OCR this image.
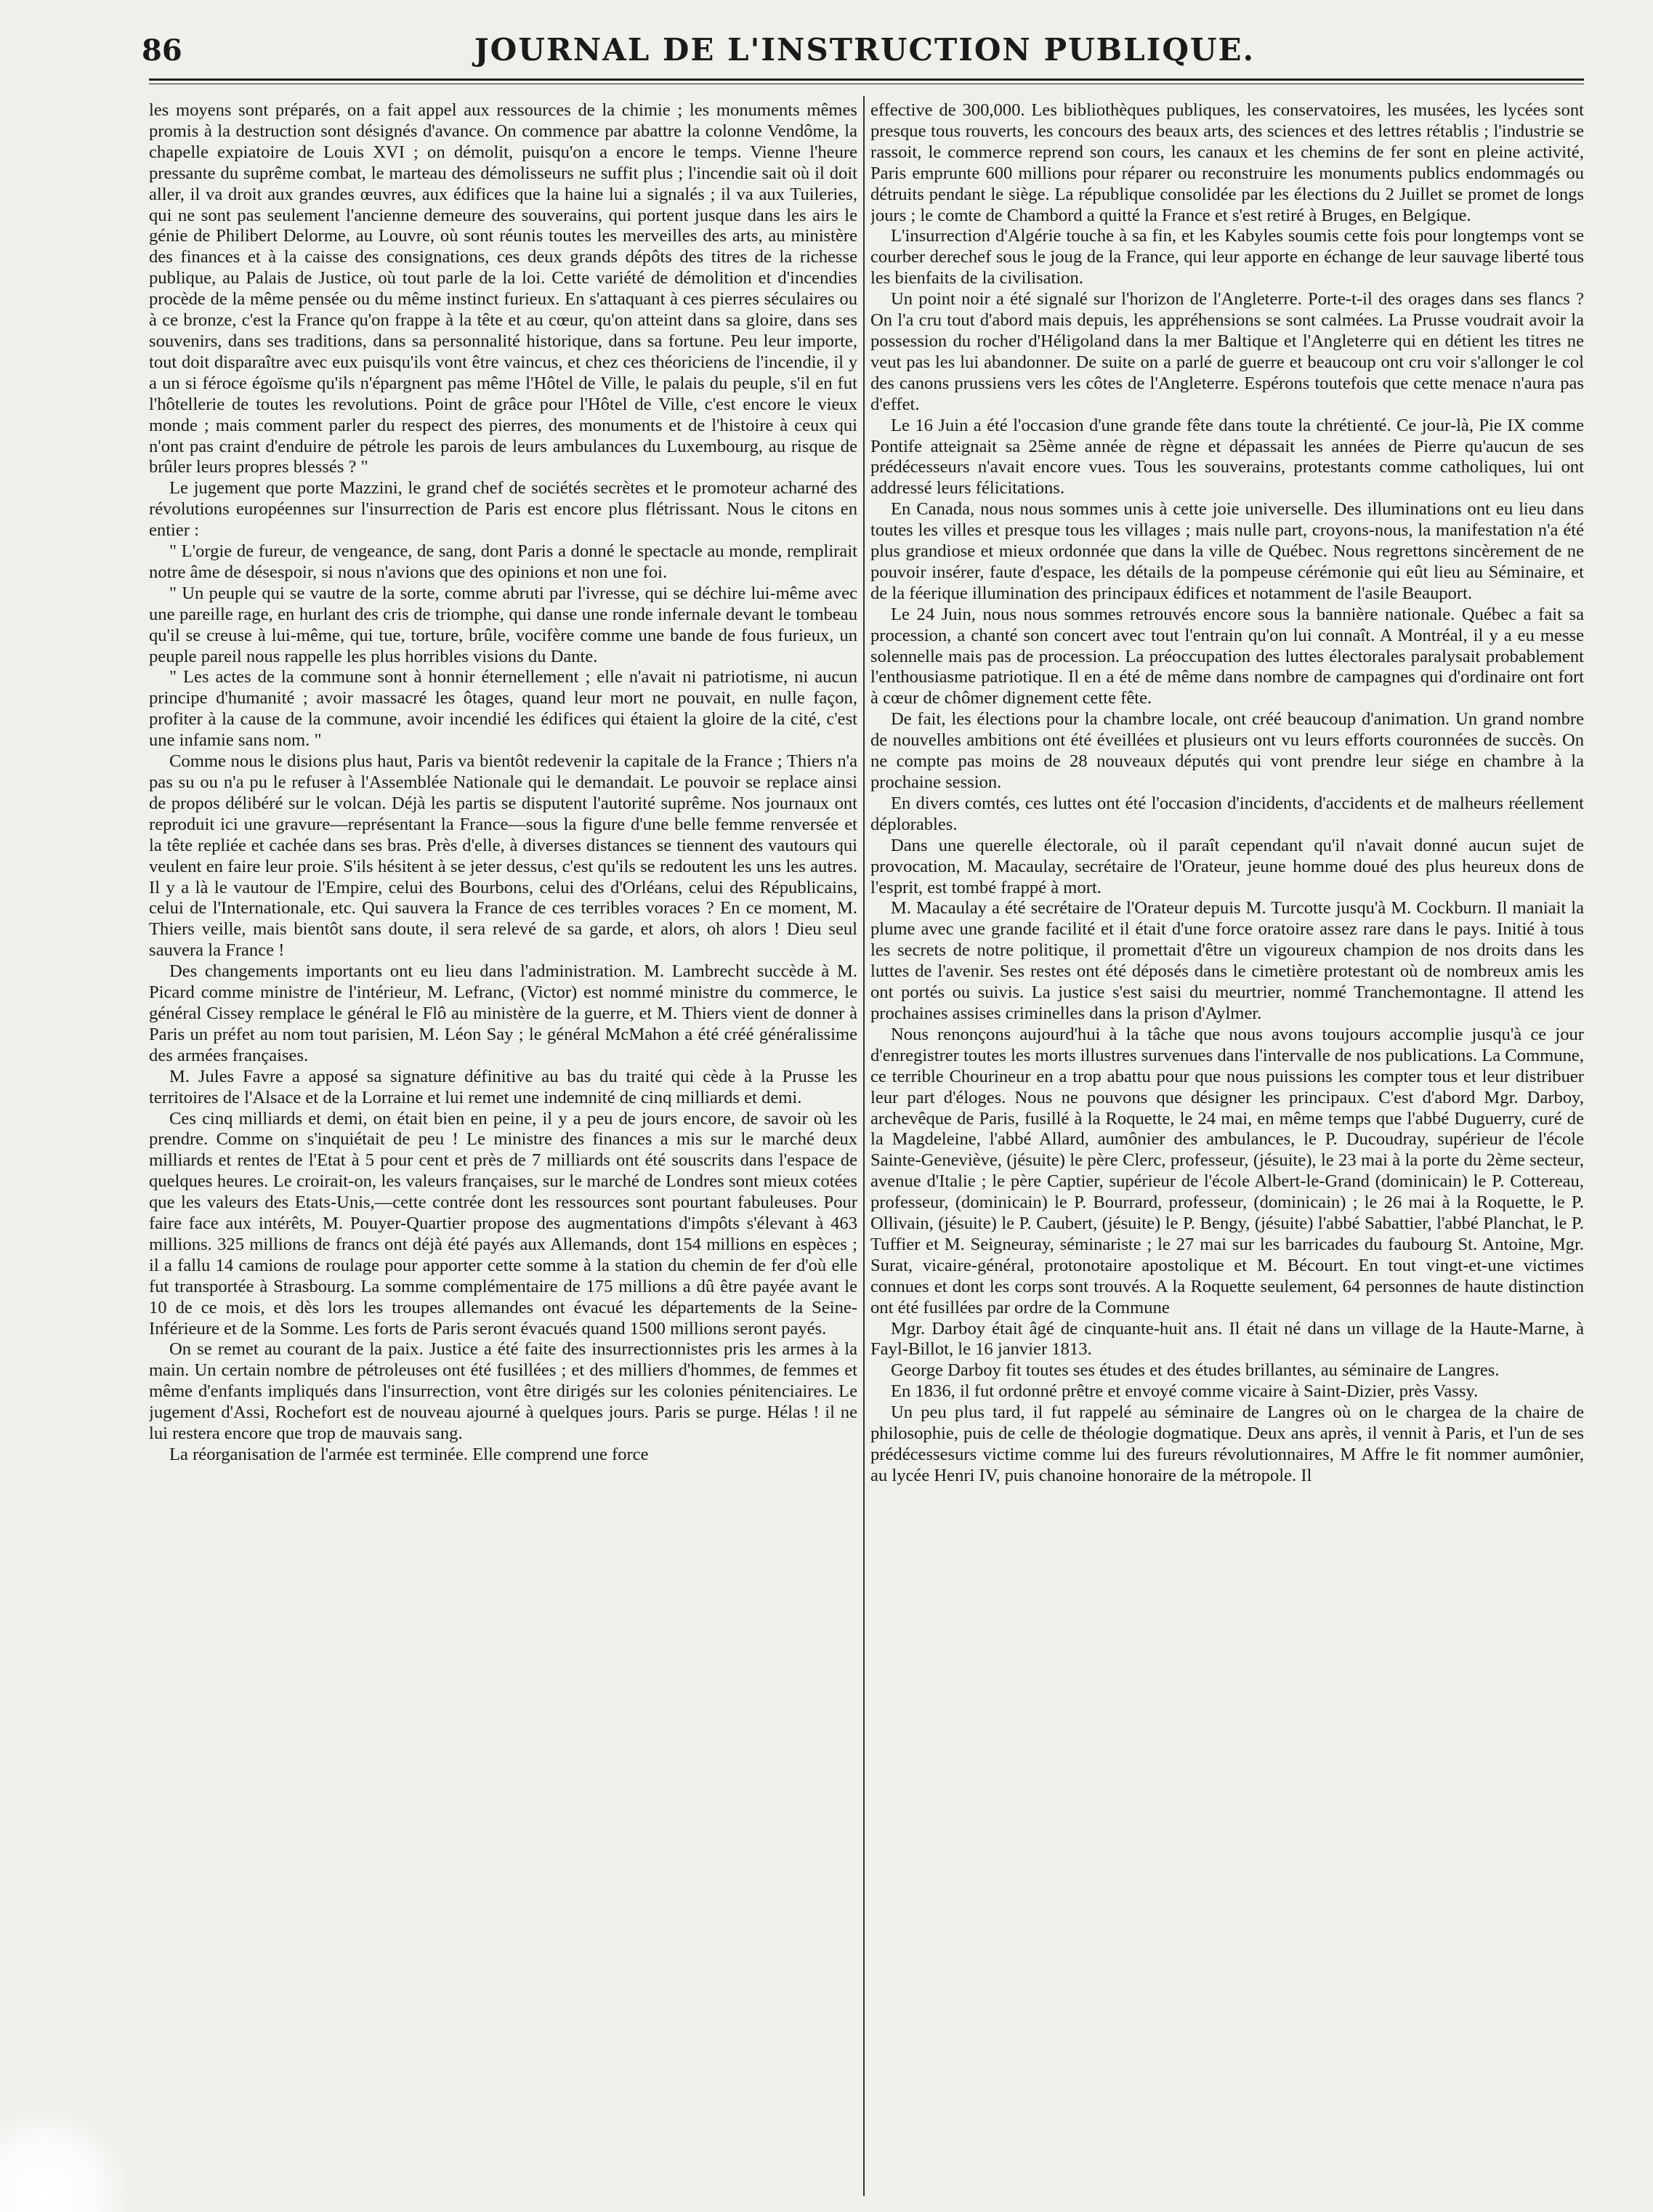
86	JOURNAL DE L'INSTRUCTION PUBLIQUE.

les moyens sont préparés, on a fait appel aux ressources de la chimie ; les monuments mêmes promis à la destruction sont désignés d'avance. On commence par abattre la colonne Vendôme, la chapelle expiatoire de Louis XVI ; on démolit, puisqu'on a encore le temps. Vienne l'heure pressante du suprême combat, le marteau des démolisseurs ne suffit plus ; l'incendie sait où il doit aller, il va droit aux grandes œuvres, aux édifices que la haine lui a signalés ; il va aux Tuileries, qui ne sont pas seulement l'ancienne demeure des souverains, qui portent jusque dans les airs le génie de Philibert Delorme, au Louvre, où sont réunis toutes les merveilles des arts, au ministère des finances et à la caisse des consignations, ces deux grands dépôts des titres de la richesse publique, au Palais de Justice, où tout parle de la loi. Cette variété de démolition et d'incendies procède de la même pensée ou du même instinct furieux. En s'attaquant à ces pierres séculaires ou à ce bronze, c'est la France qu'on frappe à la tête et au cœur, qu'on atteint dans sa gloire, dans ses souvenirs, dans ses traditions, dans sa personnalité historique, dans sa fortune. Peu leur importe, tout doit disparaître avec eux puisqu'ils vont être vaincus, et chez ces théoriciens de l'incendie, il y a un si féroce égoïsme qu'ils n'épargnent pas même l'Hôtel de Ville, le palais du peuple, s'il en fut l'hôtellerie de toutes les revolutions. Point de grâce pour l'Hôtel de Ville, c'est encore le vieux monde ; mais comment parler du respect des pierres, des monuments et de l'histoire à ceux qui n'ont pas craint d'enduire de pétrole les parois de leurs ambulances du Luxembourg, au risque de brûler leurs propres blessés ? "

Le jugement que porte Mazzini, le grand chef de sociétés secrètes et le promoteur acharné des révolutions européennes sur l'insurrection de Paris est encore plus flétrissant. Nous le citons en entier :

" L'orgie de fureur, de vengeance, de sang, dont Paris a donné le spectacle au monde, remplirait notre âme de désespoir, si nous n'avions que des opinions et non une foi.

" Un peuple qui se vautre de la sorte, comme abruti par l'ivresse, qui se déchire lui-même avec une pareille rage, en hurlant des cris de triomphe, qui danse une ronde infernale devant le tombeau qu'il se creuse à lui-même, qui tue, torture, brûle, vocifère comme une bande de fous furieux, un peuple pareil nous rappelle les plus horribles visions du Dante.

" Les actes de la commune sont à honnir éternellement ; elle n'avait ni patriotisme, ni aucun principe d'humanité ; avoir massacré les ôtages, quand leur mort ne pouvait, en nulle façon, profiter à la cause de la commune, avoir incendié les édifices qui étaient la gloire de la cité, c'est une infamie sans nom. "

Comme nous le disions plus haut, Paris va bientôt redevenir la capitale de la France ; Thiers n'a pas su ou n'a pu le refuser à l'Assemblée Nationale qui le demandait. Le pouvoir se replace ainsi de propos délibéré sur le volcan. Déjà les partis se disputent l'autorité suprême. Nos journaux ont reproduit ici une gravure—représentant la France—sous la figure d'une belle femme renversée et la tête repliée et cachée dans ses bras. Près d'elle, à diverses distances se tiennent des vautours qui veulent en faire leur proie. S'ils hésitent à se jeter dessus, c'est qu'ils se redoutent les uns les autres. Il y a là le vautour de l'Empire, celui des Bourbons, celui des d'Orléans, celui des Républicains, celui de l'Internationale, etc. Qui sauvera la France de ces terribles voraces ? En ce moment, M. Thiers veille, mais bientôt sans doute, il sera relevé de sa garde, et alors, oh alors ! Dieu seul sauvera la France !

Des changements importants ont eu lieu dans l'administration. M. Lambrecht succède à M. Picard comme ministre de l'intérieur, M. Lefranc, (Victor) est nommé ministre du commerce, le général Cissey remplace le général le Flô au ministère de la guerre, et M. Thiers vient de donner à Paris un préfet au nom tout parisien, M. Léon Say ; le général McMahon a été créé généralissime des armées françaises.

M. Jules Favre a apposé sa signature définitive au bas du traité qui cède à la Prusse les territoires de l'Alsace et de la Lorraine et lui remet une indemnité de cinq milliards et demi.

Ces cinq milliards et demi, on était bien en peine, il y a peu de jours encore, de savoir où les prendre. Comme on s'inquiétait de peu ! Le ministre des finances a mis sur le marché deux milliards et rentes de l'Etat à 5 pour cent et près de 7 milliards ont été souscrits dans l'espace de quelques heures. Le croirait-on, les valeurs françaises, sur le marché de Londres sont mieux cotées que les valeurs des Etats-Unis,—cette contrée dont les ressources sont pourtant fabuleuses. Pour faire face aux intérêts, M. Pouyer-Quartier propose des augmentations d'impôts s'élevant à 463 millions. 325 millions de francs ont déjà été payés aux Allemands, dont 154 millions en espèces ; il a fallu 14 camions de roulage pour apporter cette somme à la station du chemin de fer d'où elle fut transportée à Strasbourg. La somme complémentaire de 175 millions a dû être payée avant le 10 de ce mois, et dès lors les troupes allemandes ont évacué les départements de la Seine-Inférieure et de la Somme. Les forts de Paris seront évacués quand 1500 millions seront payés.

On se remet au courant de la paix. Justice a été faite des insurrectionnistes pris les armes à la main. Un certain nombre de pétroleuses ont été fusillées ; et des milliers d'hommes, de femmes et même d'enfants impliqués dans l'insurrection, vont être dirigés sur les colonies pénitenciaires. Le jugement d'Assi, Rochefort est de nouveau ajourné à quelques jours. Paris se purge. Hélas ! il ne lui restera encore que trop de mauvais sang.

La réorganisation de l'armée est terminée. Elle comprend une force

effective de 300,000. Les bibliothèques publiques, les conservatoires, les musées, les lycées sont presque tous rouverts, les concours des beaux arts, des sciences et des lettres rétablis ; l'industrie se rassoit, le commerce reprend son cours, les canaux et les chemins de fer sont en pleine activité, Paris emprunte 600 millions pour réparer ou reconstruire les monuments publics endommagés ou détruits pendant le siège. La république consolidée par les élections du 2 Juillet se promet de longs jours ; le comte de Chambord a quitté la France et s'est retiré à Bruges, en Belgique.

L'insurrection d'Algérie touche à sa fin, et les Kabyles soumis cette fois pour longtemps vont se courber derechef sous le joug de la France, qui leur apporte en échange de leur sauvage liberté tous les bienfaits de la civilisation.

Un point noir a été signalé sur l'horizon de l'Angleterre. Porte-t-il des orages dans ses flancs ? On l'a cru tout d'abord mais depuis, les appréhensions se sont calmées. La Prusse voudrait avoir la possession du rocher d'Héligoland dans la mer Baltique et l'Angleterre qui en détient les titres ne veut pas les lui abandonner. De suite on a parlé de guerre et beaucoup ont cru voir s'allonger le col des canons prussiens vers les côtes de l'Angleterre. Espérons toutefois que cette menace n'aura pas d'effet.

Le 16 Juin a été l'occasion d'une grande fête dans toute la chrétienté. Ce jour-là, Pie IX comme Pontife atteignait sa 25ème année de règne et dépassait les années de Pierre qu'aucun de ses prédécesseurs n'avait encore vues. Tous les souverains, protestants comme catholiques, lui ont addressé leurs félicitations.

En Canada, nous nous sommes unis à cette joie universelle. Des illuminations ont eu lieu dans toutes les villes et presque tous les villages ; mais nulle part, croyons-nous, la manifestation n'a été plus grandiose et mieux ordonnée que dans la ville de Québec. Nous regrettons sincèrement de ne pouvoir insérer, faute d'espace, les détails de la pompeuse cérémonie qui eût lieu au Séminaire, et de la féerique illumination des principaux édifices et notamment de l'asile Beauport.

Le 24 Juin, nous nous sommes retrouvés encore sous la bannière nationale. Québec a fait sa procession, a chanté son concert avec tout l'entrain qu'on lui connaît. A Montréal, il y a eu messe solennelle mais pas de procession. La préoccupation des luttes électorales paralysait probablement l'enthousiasme patriotique. Il en a été de même dans nombre de campagnes qui d'ordinaire ont fort à cœur de chômer dignement cette fête.

De fait, les élections pour la chambre locale, ont créé beaucoup d'animation. Un grand nombre de nouvelles ambitions ont été éveillées et plusieurs ont vu leurs efforts couronnées de succès. On ne compte pas moins de 28 nouveaux députés qui vont prendre leur siége en chambre à la prochaine session.

En divers comtés, ces luttes ont été l'occasion d'incidents, d'accidents et de malheurs réellement déplorables.

Dans une querelle électorale, où il paraît cependant qu'il n'avait donné aucun sujet de provocation, M. Macaulay, secrétaire de l'Orateur, jeune homme doué des plus heureux dons de l'esprit, est tombé frappé à mort.

M. Macaulay a été secrétaire de l'Orateur depuis M. Turcotte jusqu'à M. Cockburn. Il maniait la plume avec une grande facilité et il était d'une force oratoire assez rare dans le pays. Initié à tous les secrets de notre politique, il promettait d'être un vigoureux champion de nos droits dans les luttes de l'avenir. Ses restes ont été déposés dans le cimetière protestant où de nombreux amis les ont portés ou suivis. La justice s'est saisi du meurtrier, nommé Tranchemontagne. Il attend les prochaines assises criminelles dans la prison d'Aylmer.

Nous renonçons aujourd'hui à la tâche que nous avons toujours accomplie jusqu'à ce jour d'enregistrer toutes les morts illustres survenues dans l'intervalle de nos publications. La Commune, ce terrible Chourineur en a trop abattu pour que nous puissions les compter tous et leur distribuer leur part d'éloges. Nous ne pouvons que désigner les principaux. C'est d'abord Mgr. Darboy, archevêque de Paris, fusillé à la Roquette, le 24 mai, en même temps que l'abbé Duguerry, curé de la Magdeleine, l'abbé Allard, aumônier des ambulances, le P. Ducoudray, supérieur de l'école Sainte-Geneviève, (jésuite) le père Clerc, professeur, (jésuite), le 23 mai à la porte du 2ème secteur, avenue d'Italie ; le père Captier, supérieur de l'école Albert-le-Grand (dominicain) le P. Cottereau, professeur, (dominicain) le P. Bourrard, professeur, (dominicain) ; le 26 mai à la Roquette, le P. Ollivain, (jésuite) le P. Caubert, (jésuite) le P. Bengy, (jésuite) l'abbé Sabattier, l'abbé Planchat, le P. Tuffier et M. Seigneuray, séminariste ; le 27 mai sur les barricades du faubourg St. Antoine, Mgr. Surat, vicaire-général, protonotaire apostolique et M. Bécourt. En tout vingt-et-une victimes connues et dont les corps sont trouvés. A la Roquette seulement, 64 personnes de haute distinction ont été fusillées par ordre de la Commune

Mgr. Darboy était âgé de cinquante-huit ans. Il était né dans un village de la Haute-Marne, à Fayl-Billot, le 16 janvier 1813.

George Darboy fit toutes ses études et des études brillantes, au séminaire de Langres.

En 1836, il fut ordonné prêtre et envoyé comme vicaire à Saint-Dizier, près Vassy.

Un peu plus tard, il fut rappelé au séminaire de Langres où on le chargea de la chaire de philosophie, puis de celle de théologie dogmatique. Deux ans après, il vennit à Paris, et l'un de ses prédécessesurs victime comme lui des fureurs révolutionnaires, M Affre le fit nommer aumônier, au lycée Henri IV, puis chanoine honoraire de la métropole. Il
